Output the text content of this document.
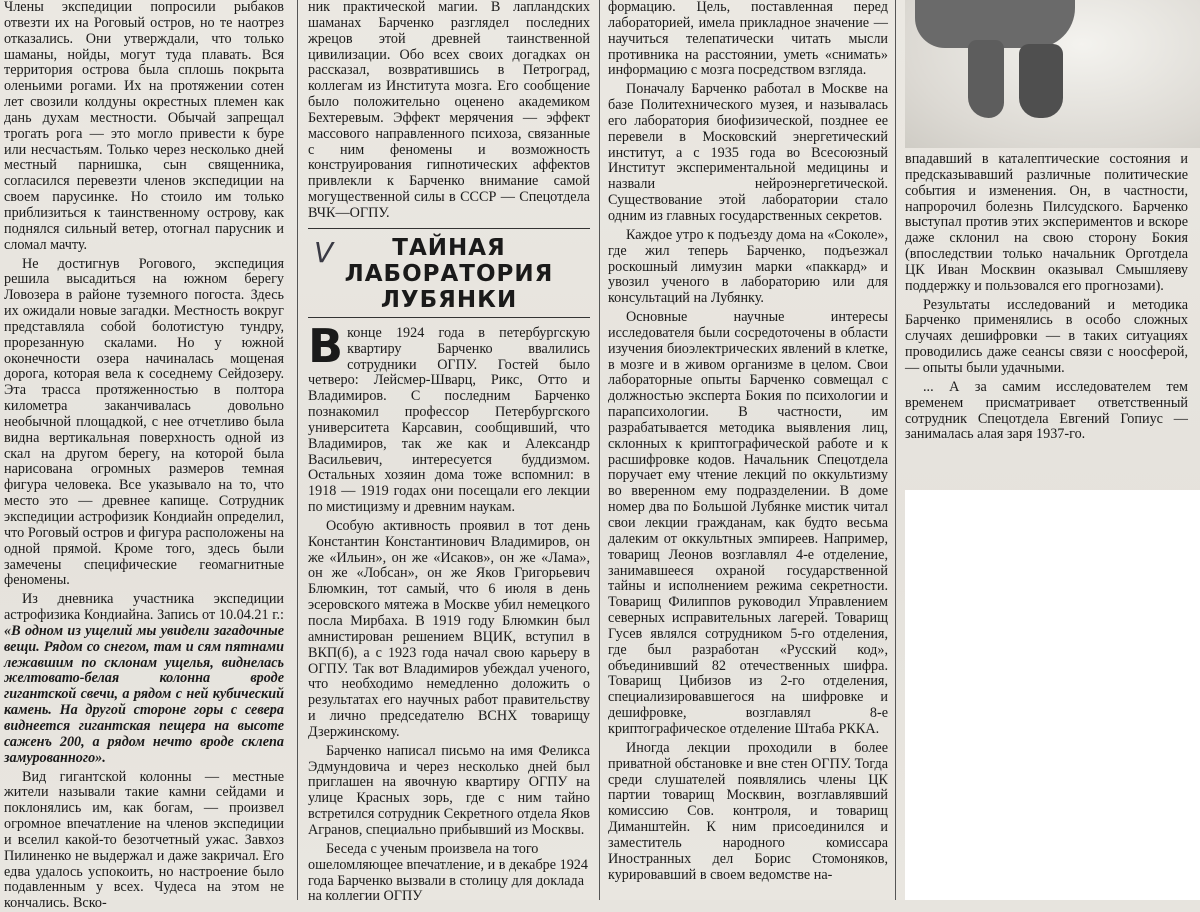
Члены экспедиции попросили рыбаков отвезти их на Роговый остров, но те наотрез отказались. Они утверждали, что только шаманы, нойды, могут туда плавать. Вся территория острова была сплошь покрыта оленьими рогами. Их на протяжении сотен лет свозили колдуны окрестных племен как дань духам местности. Обычай запрещал трогать рога — это могло привести к буре или несчастьям. Только через несколько дней местный парнишка, сын священника, согласился перевезти членов экспедиции на своем парусинке. Но стоило им только приблизиться к таинственному острову, как поднялся сильный ветер, отогнал парусник и сломал мачту.

Не достигнув Рогового, экспедиция решила высадиться на южном берегу Ловозера в районе туземного погоста. Здесь их ожидали новые загадки. Местность вокруг представляла собой болотистую тундру, прорезанную скалами. Но у южной оконечности озера начиналась мощеная дорога, которая вела к соседнему Сейдозеру. Эта трасса протяженностью в полтора километра заканчивалась довольно необычной площадкой, с нее отчетливо была видна вертикальная поверхность одной из скал на другом берегу, на которой была нарисована огромных размеров темная фигура человека. Все указывало на то, что место это — древнее капище. Сотрудник экспедиции астрофизик Кондиайн определил, что Роговый остров и фигура расположены на одной прямой. Кроме того, здесь были замечены специфические геомагнитные феномены.

Из дневника участника экспедиции астрофизика Кондиайна. Запись от 10.04.21 г.: «В одном из ущелий мы увидели загадочные вещи. Рядом со снегом, там и сям пятнами лежавшим по склонам ущелья, виднелась желтовато-белая колонна вроде гигантской свечи, а рядом с ней кубический камень. На другой стороне горы с севера виднеется гигантская пещера на высоте саженъ 200, а рядом нечто вроде склепа замурованного».

Вид гигантской колонны — местные жители называли такие камни сейдами и поклонялись им, как богам, — произвел огромное впечатление на членов экспедиции и вселил какой-то безотчетный ужас. Завхоз Пилиненко не выдержал и даже закричал. Его едва удалось успокоить, но настроение было подавленным у всех. Чудеса на этом не кончались. Вско-

ник практической магии. В лапландских шаманах Барченко разглядел последних жрецов этой древней таинственной цивилизации. Обо всех своих догадках он рассказал, возвратившись в Петроград, коллегам из Института мозга. Его сообщение было положительно оценено академиком Бехтеревым. Эффект мерячения — эффект массового направленного психоза, связанные с ним феномены и возможность конструирования гипнотических аффектов привлекли к Барченко внимание самой могущественной силы в СССР — Спецотдела ВЧК—ОГПУ.

V	ТАЙНАЯ
ЛАБОРАТОРИЯ
ЛУБЯНКИ

В конце 1924 года в петербургскую квартиру Барченко ввалились сотрудники ОГПУ. Гостей было четверо: Лейсмер-Шварц, Рикс, Отто и Владимиров. С последним Барченко познакомил профессор Петербургского университета Карсавин, сообщивший, что Владимиров, так же как и Александр Васильевич, интересуется буддизмом. Остальных хозяин дома тоже вспомнил: в 1918 — 1919 годах они посещали его лекции по мистицизму и древним наукам.

Особую активность проявил в тот день Константин Константинович Владимиров, он же «Ильин», он же «Исаков», он же «Лама», он же «Лобсан», он же Яков Григорьевич Блюмкин, тот самый, что 6 июля в день эсеровского мятежа в Москве убил немецкого посла Мирбаха. В 1919 году Блюмкин был амнистирован решением ВЦИК, вступил в ВКП(б), а с 1923 года начал свою карьеру в ОГПУ. Так вот Владимиров убеждал ученого, что необходимо немедленно доложить о результатах его научных работ правительству и лично председателю ВСНХ товарищу Дзержинскому.

Барченко написал письмо на имя Феликса Эдмундовича и через несколько дней был приглашен на явочную квартиру ОГПУ на улице Красных зорь, где с ним тайно встретился сотрудник Секретного отдела Яков Агранов, специально прибывший из Москвы.

Беседа с ученым произвела на того ошеломляющее впечатление, и в декабре 1924 года Барченко вызвали в столицу для доклада на коллегии ОГПУ

формацию. Цель, поставленная перед лабораторией, имела прикладное значение — научиться телепатически читать мысли противника на расстоянии, уметь «снимать» информацию с мозга посредством взгляда.

Поначалу Барченко работал в Москве на базе Политехнического музея, и называлась его лаборатория биофизической, позднее ее перевели в Московский энергетический институт, а с 1935 года во Всесоюзный Институт экспериментальной медицины и назвали нейроэнергетической. Существование этой лаборатории стало одним из главных государственных секретов.

Каждое утро к подъезду дома на «Соколе», где жил теперь Барченко, подъезжал роскошный лимузин марки «паккард» и увозил ученого в лабораторию или для консультаций на Лубянку.

Основные научные интересы исследователя были сосредоточены в области изучения биоэлектрических явлений в клетке, в мозге и в живом организме в целом. Свои лабораторные опыты Барченко совмещал с должностью эксперта Бокия по психологии и парапсихологии. В частности, им разрабатывается методика выявления лиц, склонных к криптографической работе и к расшифровке кодов. Начальник Спецотдела поручает ему чтение лекций по оккультизму во вверенном ему подразделении. В доме номер два по Большой Лубянке мистик читал свои лекции гражданам, как будто весьма далеким от оккультных эмпиреев. Например, товарищ Леонов возглавлял 4-е отделение, занимавшееся охраной государственной тайны и исполнением режима секретности. Товарищ Филиппов руководил Управлением северных исправительных лагерей. Товарищ Гусев являлся сотрудником 5-го отделения, где был разработан «Русский код», объединивший 82 отечественных шифра. Товарищ Цибизов из 2-го отделения, специализировавшегося на шифровке и дешифровке, возглавлял 8-е криптографическое отделение Штаба РККА.

Иногда лекции проходили в более приватной обстановке и вне стен ОГПУ. Тогда среди слушателей появлялись члены ЦК партии товарищ Москвин, возглавлявший комиссию Сов. контроля, и товарищ Диманштейн. К ним присоединился и заместитель народного комиссара Иностранных дел Борис Стомоняков, курировавший в своем ведомстве на-

впадавший в каталептические состояния и предсказывавший различные политические события и изменения. Он, в частности, напророчил болезнь Пилсудского. Барченко выступал против этих экспериментов и вскоре даже склонил на свою сторону Бокия (впоследствии только начальник Орготдела ЦК Иван Москвин оказывал Смышляеву поддержку и пользовался его прогнозами).

Результаты исследований и методика Барченко применялись в особо сложных случаях дешифровки — в таких ситуациях проводились даже сеансы связи с ноосферой, — опыты были удачными.

... А за самим исследователем тем временем присматривает ответственный сотрудник Спецотдела Евгений Гопиус — занималась алая заря 1937-го.
